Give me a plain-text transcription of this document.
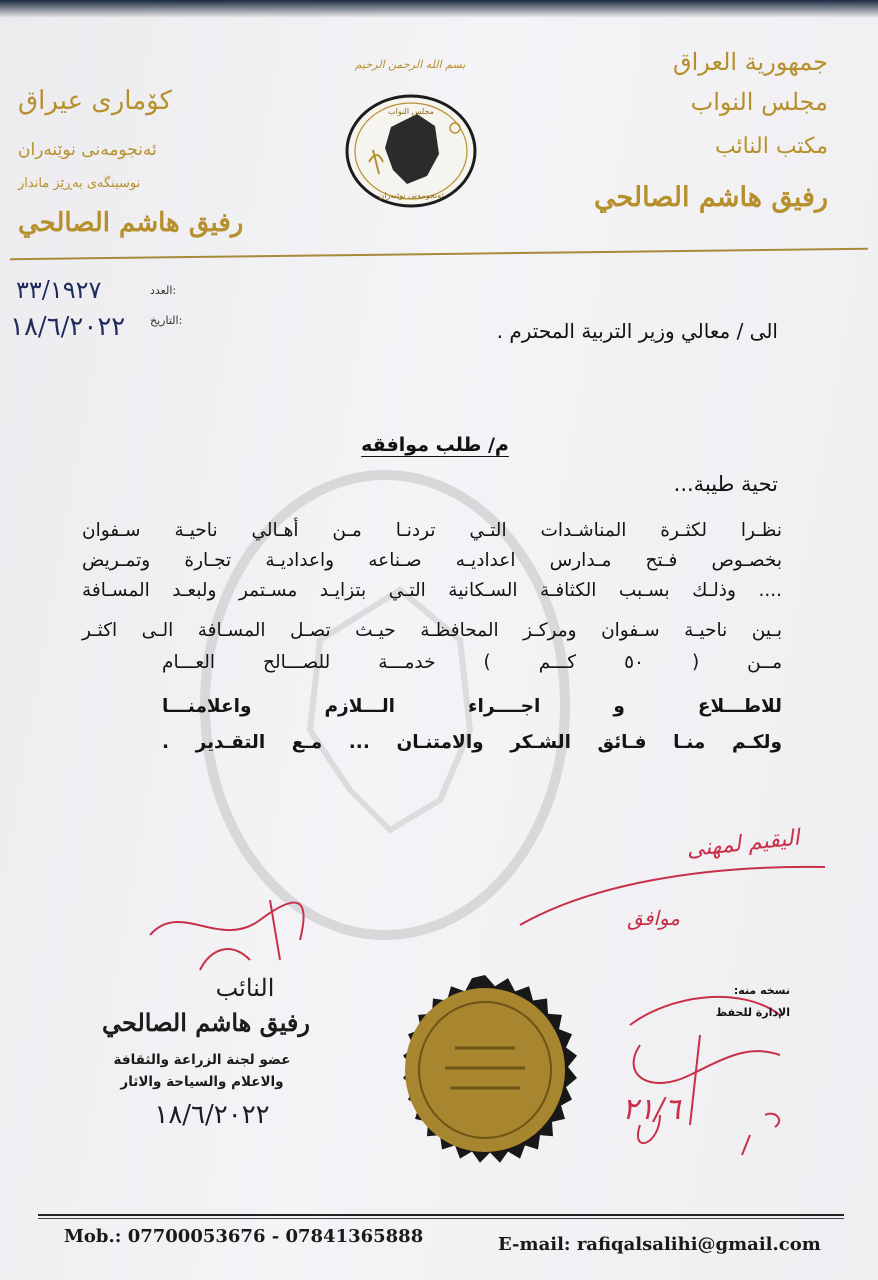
بسم الله الرحمن الرحيم
مجلس النواب
ئەنجومەنی نوێنەران
جمهورية العراق
مجلس النواب
مكتب النائب
رفيق هاشم الصالحي
كۆماری عیراق
ئەنجومەنی نوێنەران
نوسینگەی بەڕێز ماندار
رفيق هاشم الصالحي
العدد:
٣٣/١٩٢٧
التاريخ:
١٨/٦/٢٠٢٢	الى / معالي وزير التربية المحترم .
م/ طلب موافقه
تحية طيبة...
نظـرا لكثـرة المناشـدات التـي تردنـا مـن أهـالي ناحيـة سـفوان
بخصـوص فـتح مـدارس اعداديـه صـناعه واعداديـة تجـارة وتمـريض
.... وذلـك بسـبب الكثافـة السـكانية التـي بتزايـد مسـتمر ولبعـد المسـافة
بـين ناحيـة سـفوان ومركـز المحافظـة حيـث تصـل المسـافة الـى اكثـر
مــن ( ٥٠ كـــم ) خدمـــة للصـــالح العـــام
للاطـــلاع و اجــــراء الـــلازم واعلامنـــا
ولكـم منـا فـائق الشـكر والامتنـان ... مـع التقـدير .
الیقیم لمهنی
موافق
النائب
رفيق هاشم الصالحي
عضو لجنة الزراعة والثقافة
والاعلام والسياحة والاثار
١٨/٦/٢٠٢٢	٢١/٦
نسخه منه:
الإدارة للحفظ
Mob.: 07700053676 - 07841365888	E-mail: rafiqalsalihi@gmail.com
